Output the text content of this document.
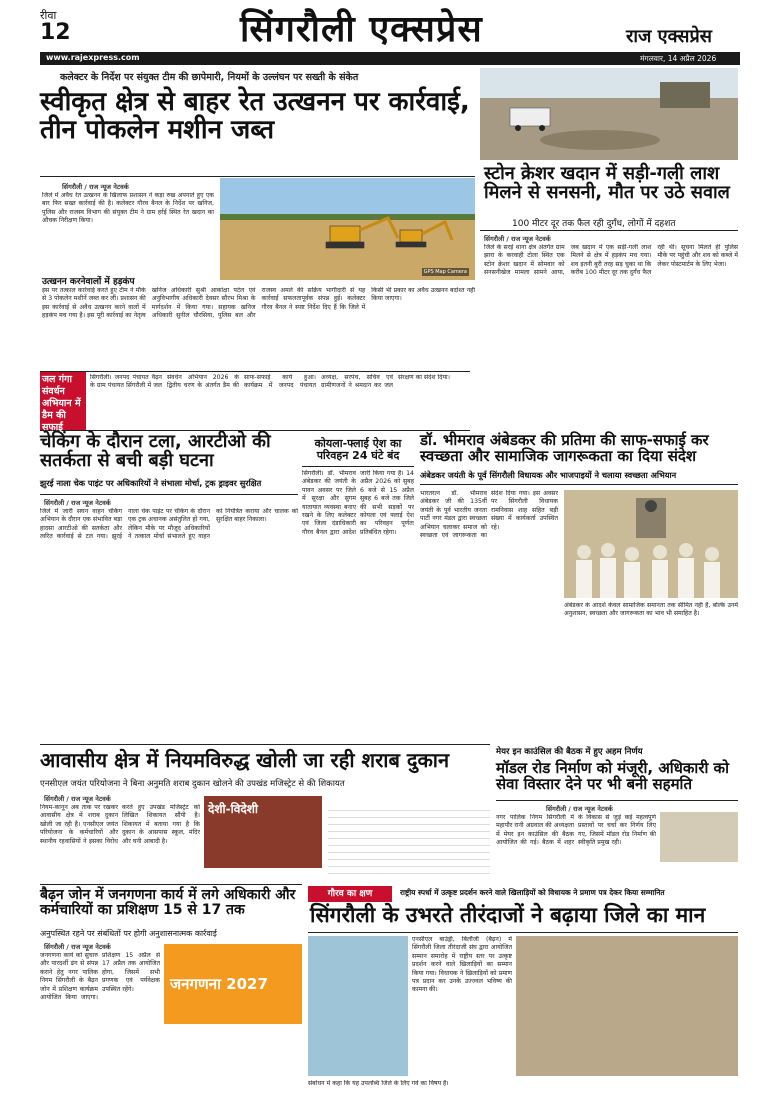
रीवा
12	सिंगरौली एक्सप्रेस	राज एक्सप्रेस
www.rajexpress.com	मंगलवार, 14 अप्रैल 2026
कलेक्टर के निर्देश पर संयुक्त टीम की छापेमारी, नियमों के उल्लंघन पर सख्ती के संकेत
स्वीकृत क्षेत्र से बाहर रेत उत्खनन पर कार्रवाई, तीन पोकलेन मशीन जब्त
सिंगरौली / राज न्यूज नेटवर्क
जिले में अवैध रेत उत्खनन के खिलाफ प्रशासन ने कड़ा रुख अपनाते हुए एक बार फिर सख्त कार्रवाई की है। कलेक्टर गौरव बैनल के निर्देश पर खनिज, पुलिस और राजस्व विभाग की संयुक्त टीम ने ग्राम हर्रई स्थित रेत खदान का औचक निरीक्षण किया।
उत्खनन करनेवालों में हड़कंप
इस पर तत्काल कार्रवाई करते हुए टीम ने मौके से 3 पोकलेन मशीनें जब्त कर लीं। प्रशासन की इस कार्रवाई से अवैध उत्खनन करने वालों में हड़कंप मच गया है। इस पूरी कार्रवाई का नेतृत्व खनिज अधिकारी सुश्री आकांक्षा पटेल एवं अनुविभागीय अधिकारी देवसर सौरभ मिश्रा के मार्गदर्शन में किया गया। सहायक खनिज अधिकारी सुनील चौरसिया, पुलिस बल और राजस्व अमले की सक्रिय भागीदारी से यह कार्रवाई सफलतापूर्वक संपन्न हुई। कलेक्टर गौरव बैनल ने स्पष्ट निर्देश दिए हैं कि जिले में किसी भी प्रकार का अवैध उत्खनन बर्दाश्त नहीं किया जाएगा।
GPS Map Camera
स्टोन क्रेशर खदान में सड़ी-गली लाश मिलने से सनसनी, मौत पर उठे सवाल
100 मीटर दूर तक फैल रही दुर्गंध, लोगों में दहशत
सिंगरौली / राज न्यूज नेटवर्क
जिले के सरई थाना क्षेत्र अंतर्गत ग्राम झारा के करवाही टोला स्थित एक स्टोन क्रेशर खदान में सोमवार को सनसनीखेज मामला सामने आया, जब खदान में एक सड़ी-गली लाश मिलने से क्षेत्र में हड़कंप मच गया। शव इतनी बुरी तरह सड़ चुका था कि करीब 100 मीटर दूर तक दुर्गंध फैल रही थी। सूचना मिलते ही पुलिस मौके पर पहुंची और शव को कब्जे में लेकर पोस्टमार्टम के लिए भेजा।
जल गंगा संवर्धन अभियान में डैम की सफाई
सिंगरौली। जनपद पंचायत वैढ़न के ग्राम पंचायत सिंगरौली में जल संवर्धन अभियान 2026 के द्वितीय चरण के अंतर्गत डैम की साफ-सफाई कार्य हुआ। कार्यक्रम में जनपद पंचायत अध्यक्ष, सरपंच, सचिव एवं ग्रामीणजनों ने श्रमदान कर जल संरक्षण का संदेश दिया।
कोयला-फ्लाई ऐश का परिवहन 24 घंटे बंद
सिंगरौली। डॉ. भीमराव अंबेडकर की जयंती के पावन अवसर पर जिले में सुरक्षा और सुगम यातायात व्यवस्था बनाए रखने के लिए कलेक्टर एवं जिला दंडाधिकारी गौरव बैनल द्वारा आदेश जारी किया गया है। 14 अप्रैल 2026 को सुबह 6 बजे से 15 अप्रैल सुबह 6 बजे तक जिले की सभी सड़कों पर कोयला एवं फ्लाई ऐश का परिवहन पूर्णतः प्रतिबंधित रहेगा।
डॉ. भीमराव अंबेडकर की प्रतिमा की साफ-सफाई कर स्वच्छता और सामाजिक जागरूकता का दिया संदेश
अंबेडकर जयंती के पूर्व सिंगरौली विधायक और भाजपाइयों ने चलाया स्वच्छता अभियान
भारतरत्न डॉ. भीमराव अंबेडकर जी की 135वीं जयंती के पूर्व भारतीय जनता पार्टी नगर मंडल द्वारा स्वच्छता अभियान चलाकर समाज को स्वच्छता एवं जागरूकता का संदेश दिया गया। इस अवसर पर सिंगरौली विधायक रामनिवास शाह सहित बड़ी संख्या में कार्यकर्ता उपस्थित रहे।
अंबेडकर के आदर्श केवल सामाजिक समानता तक सीमित नहीं हैं, बल्कि उनमें अनुशासन, स्वच्छता और जागरूकता का भाव भी समाहित है।
चेकिंग के दौरान टला, आरटीओ की सतर्कता से बची बड़ी घटना
झुरई नाला चेक पाइंट पर अधिकारियों ने संभाला मोर्चा, ट्रक ड्राइवर सुरक्षित
सिंगरौली / राज न्यूज नेटवर्क
जिले में जारी सघन वाहन चेकिंग अभियान के दौरान एक संभावित बड़ा हादसा आरटीओ की सतर्कता और त्वरित कार्रवाई से टल गया। झुरई नाला चेक पाइंट पर चेकिंग के दौरान एक ट्रक अचानक असंतुलित हो गया, लेकिन मौके पर मौजूद अधिकारियों ने तत्काल मोर्चा संभालते हुए वाहन को नियंत्रित कराया और चालक को सुरक्षित बाहर निकाला।
आवासीय क्षेत्र में नियमविरुद्ध खोली जा रही शराब दुकान
एनसीएल जयंत परियोजना ने बिना अनुमति शराब दुकान खोलने की उपखंड मजिस्ट्रेट से की शिकायत
सिंगरौली / राज न्यूज नेटवर्क
नियम-कानून अब ताक पर रखकर आवासीय क्षेत्र में शराब दुकान खोली जा रही है। एनसीएल जयंत परियोजना के कर्मचारियों और स्थानीय रहवासियों ने इसका विरोध करते हुए उपखंड मजिस्ट्रेट को लिखित शिकायत सौंपी है। शिकायत में बताया गया है कि दुकान के आसपास स्कूल, मंदिर और घनी आबादी है।
देशी-विदेशी
मेयर इन काउंसिल की बैठक में हुए अहम निर्णय
मॉडल रोड निर्माण को मंजूरी, अधिकारी को सेवा विस्तार देने पर भी बनी सहमति
सिंगरौली / राज न्यूज नेटवर्क
नगर पालिक निगम सिंगरौली में महापौर रानी अग्रवाल की अध्यक्षता में मेयर इन काउंसिल की बैठक आयोजित की गई। बैठक में शहर के विकास से जुड़े कई महत्वपूर्ण प्रस्तावों पर चर्चा कर निर्णय लिए गए, जिसमें मॉडल रोड निर्माण की स्वीकृति प्रमुख रही।
बैढ़न जोन में जनगणना कार्य में लगे अधिकारी और कर्मचारियों का प्रशिक्षण 15 से 17 तक
अनुपस्थित रहने पर संबंधितों पर होगी अनुशासनात्मक कार्रवाई
सिंगरौली / राज न्यूज नेटवर्क
जनगणना कार्य को सुचारु और पारदर्शी ढंग से संपन्न कराने हेतु नगर पालिक निगम सिंगरौली के बैढ़न जोन में प्रशिक्षण कार्यक्रम आयोजित किया जाएगा। प्रशिक्षण 15 अप्रैल से 17 अप्रैल तक आयोजित होगा, जिसमें सभी प्रगणक एवं पर्यवेक्षक उपस्थित रहेंगे।	जनगणना 2027
गौरव का क्षण	राष्ट्रीय स्पर्धा में उत्कृष्ट प्रदर्शन करने वाले खिलाड़ियों को विधायक ने प्रमाण पत्र देकर किया सम्मानित
सिंगरौली के उभरते तीरंदाजों ने बढ़ाया जिले का मान
एनसीएल बाउंड्री, बिलौंजी (बैढ़न) में सिंगरौली जिला तीरंदाजी संघ द्वारा आयोजित सम्मान समारोह में राष्ट्रीय स्तर पर उत्कृष्ट प्रदर्शन करने वाले खिलाड़ियों का सम्मान किया गया। विधायक ने खिलाड़ियों को प्रमाण पत्र प्रदान कर उनके उज्ज्वल भविष्य की कामना की।
संबोधन में कहा कि यह उपलब्धि जिले के लिए गर्व का विषय है।
